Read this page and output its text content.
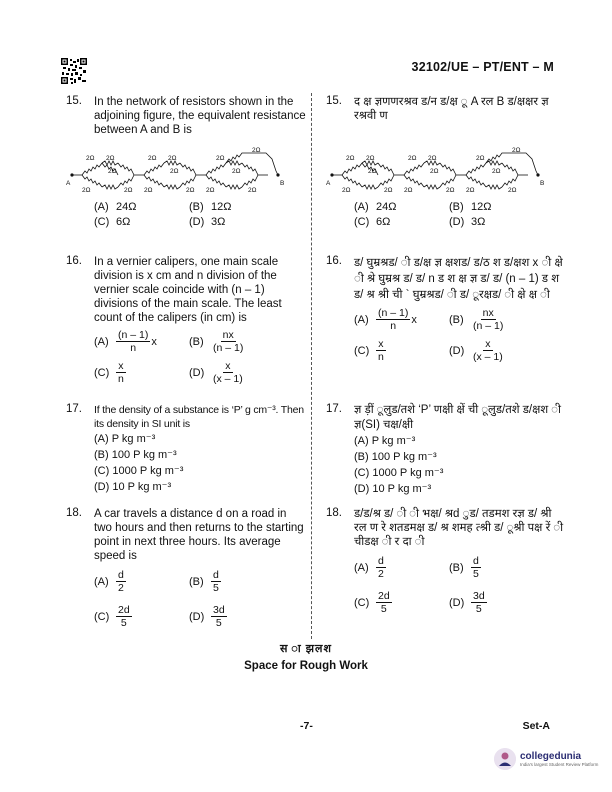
32102/UE – PT/ENT – M
15. In the network of resistors shown in the adjoining figure, the equivalent resistance between A and B is
A	B
2Ω 2Ω	2Ω 2Ω	2Ω
2Ω
2Ω	2Ω	2Ω
2Ω	2Ω 2Ω	2Ω 2Ω	2Ω
(A) 24Ω	(B) 12Ω
(C) 6Ω	(D) 3Ω
16. In a vernier calipers, one main scale division is x cm and n division of the vernier scale coincide with (n – 1) divisions of the main scale. The least count of the calipers (in cm) is
$(A) \frac{(n - 1)}{n}$ x	$(B) \frac{nx}{(n - 1)}$
$(C) \frac{x}{n}$	$(D) \frac{x}{(x - 1)}$
17. If the density of a substance is ‘P’ g cm⁻³. Then its density in SI unit is
(A) P kg m⁻³
(B) 100 P kg m⁻³
(C) 1000 P kg m⁻³
(D) 10 P kg m⁻³
18. A car travels a distance d on a road in two hours and then returns to the starting point in next three hours. Its average speed is
$(A) \frac{d}{2}$	$(B) \frac{d}{5}$
$(C) \frac{2d}{5}$	$(D) \frac{3d}{5}$
15. द क्ष ज्ञणणरश्रव ड/न ड/क्ष ू A रल B ड/क्षक्षर ज्ञ रश्रवी ण
A	B
2Ω 2Ω	2Ω 2Ω	2Ω
2Ω
2Ω	2Ω	2Ω
2Ω	2Ω 2Ω	2Ω 2Ω	2Ω
(A) 24Ω	(B) 12Ω
(C) 6Ω	(D) 3Ω
16. ड/ घुम्रश्रड/ ी ड/क्ष ज्ञ क्षशड/ ड/ठ श ड/क्षश x ी क्षे ी श्रे घुम्रश्र ड/ ड/ n ड श क्ष ज्ञ ड/ ड/ (n – 1) ड श ड/ श्र श्री ची ` घुम्रश्रड/ ी ड/ ूरक्षड/ ी क्षे क्ष ी
$(A) \frac{(n - 1)}{n}$ x	$(B) \frac{nx}{(n - 1)}$
$(C) \frac{x}{n}$	$(D) \frac{x}{(x - 1)}$
17. ज्ञ ड़ीं ूलुड/तशे ‘P’ णक्षी क्षें ची ूलुड/तशे ड/क्षश ी ज्ञ(SI) चक्ष/क्षी
(A) P kg m⁻³
(B) 100 P kg m⁻³
(C) 1000 P kg m⁻³
(D) 10 P kg m⁻³
18. ड/ड/श्र ड/ ी ी भक्ष/ श्रd ुड/ तडमश रज्ञ ड/ श्री रल ण रे शतडमक्ष ड/ श्र शमह त्श्री ड/ ूश्री पक्ष रें ी चीडक्ष ी र दा ी
$(A) \frac{d}{2}$	$(B) \frac{d}{5}$
$(C) \frac{2d}{5}$	$(D) \frac{3d}{5}$
स ा झलश
Space for Rough Work
-7-	Set-A
collegedunia
India's largest Student Review Platform
